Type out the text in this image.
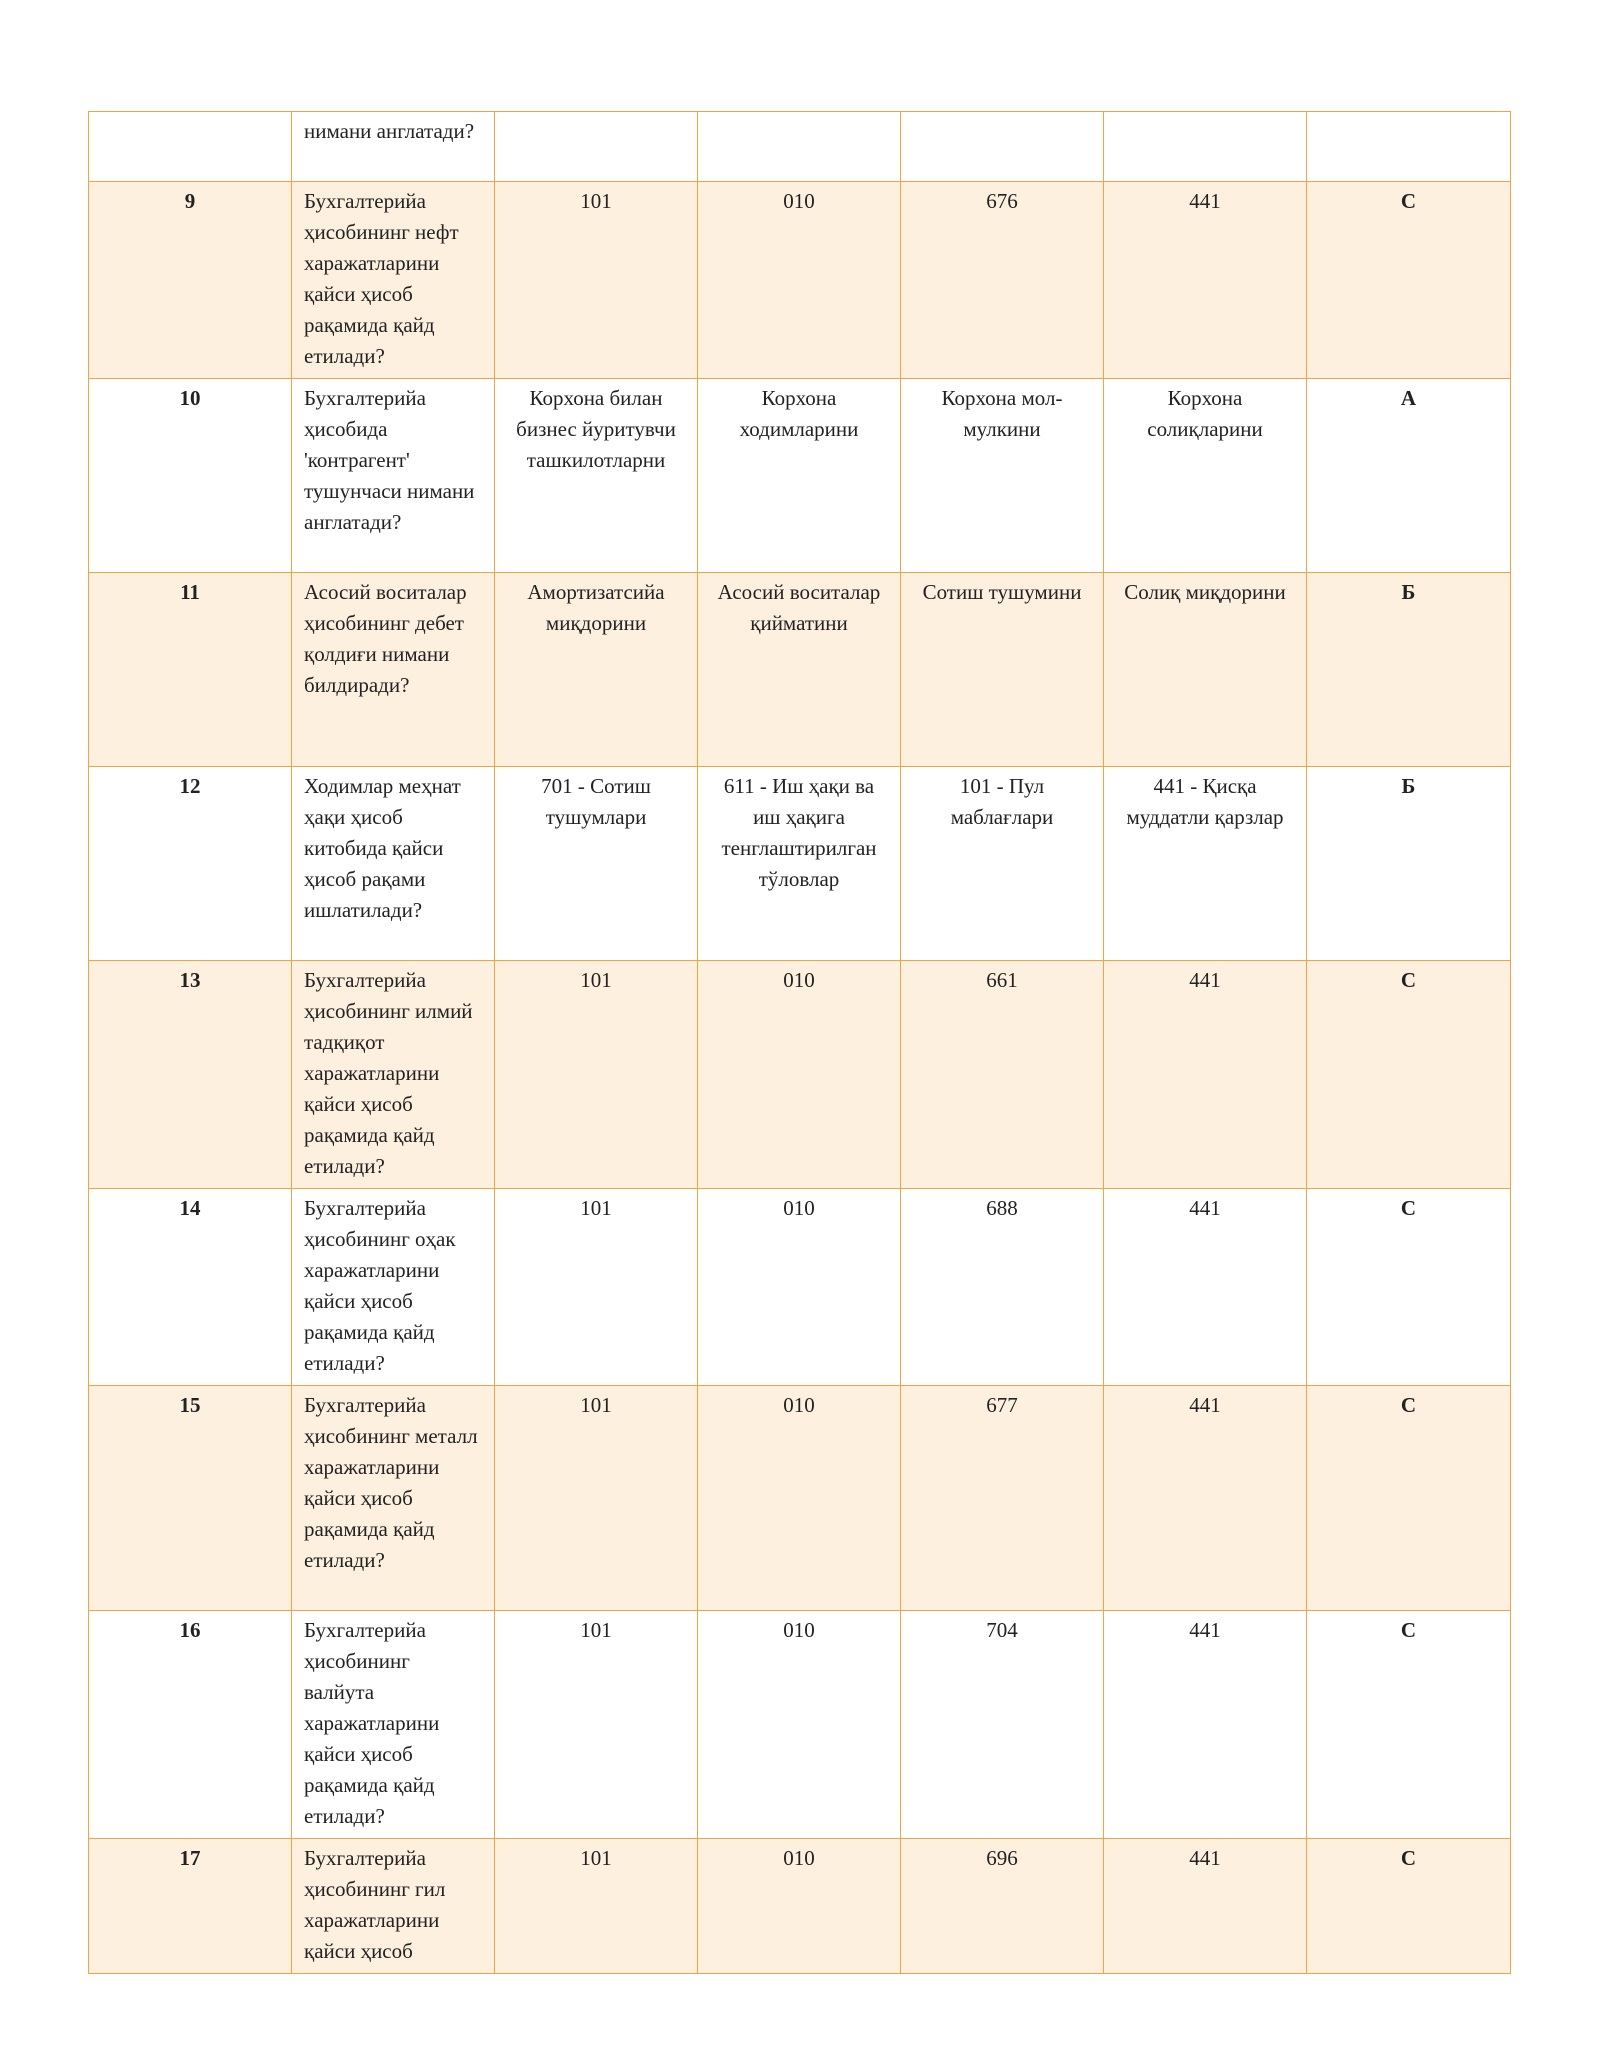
	нимани англатади?					
9	Бухгалтерийа ҳисобининг нефт харажатларини қайси ҳисоб рақамида қайд етилади?	101	010	676	441	C
10	Бухгалтерийа ҳисобида 'контрагент' тушунчаси нимани англатади?	Корхона билан бизнес йуритувчи ташкилотларни	Корхона ходимларини	Корхона мол-мулкини	Корхона солиқларини	А
11	Асосий воситалар ҳисобининг дебет қолдиғи нимани билдиради?	Амортизатсийа миқдорини	Асосий воситалар қийматини	Сотиш тушумини	Солиқ миқдорини	Б
12	Ходимлар меҳнат ҳақи ҳисоб китобида қайси ҳисоб рақами ишлатилади?	701 - Сотиш тушумлари	611 - Иш ҳақи ва иш ҳақига тенглаштирилган тўловлар	101 - Пул маблағлари	441 - Қисқа муддатли қарзлар	Б
13	Бухгалтерийа ҳисобининг илмий тадқиқот харажатларини қайси ҳисоб рақамида қайд етилади?	101	010	661	441	C
14	Бухгалтерийа ҳисобининг оҳак харажатларини қайси ҳисоб рақамида қайд етилади?	101	010	688	441	C
15	Бухгалтерийа ҳисобининг металл харажатларини қайси ҳисоб рақамида қайд етилади?	101	010	677	441	C
16	Бухгалтерийа ҳисобининг валйута харажатларини қайси ҳисоб рақамида қайд етилади?	101	010	704	441	C
17	Бухгалтерийа ҳисобининг гил харажатларини қайси ҳисоб	101	010	696	441	C
